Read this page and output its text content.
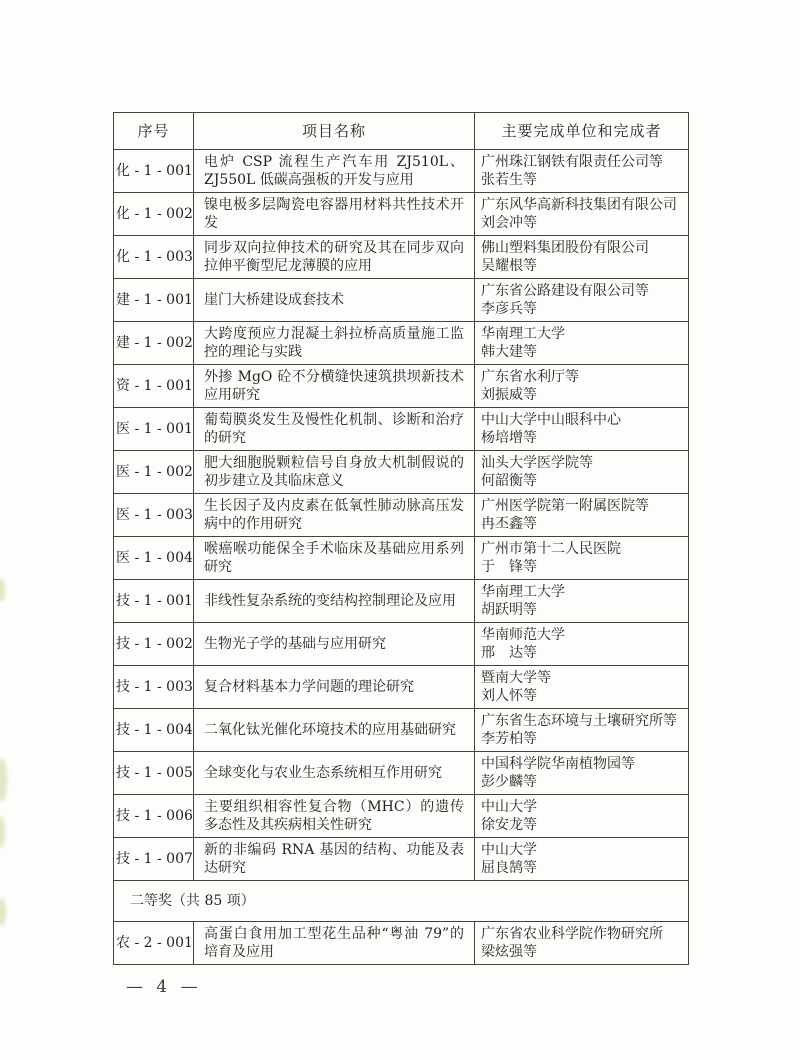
序号	项目名称	主要完成单位和完成者
化 - 1 - 001	电炉 CSP 流程生产汽车用 ZJ510L、ZJ550L 低碳高强板的开发与应用	广州珠江钢铁有限责任公司等
张若生等

化 - 1 - 002	镍电极多层陶瓷电容器用材料共性技术开发	广东风华高新科技集团有限公司
刘会冲等

化 - 1 - 003	同步双向拉伸技术的研究及其在同步双向拉伸平衡型尼龙薄膜的应用	佛山塑料集团股份有限公司
吴耀根等

建 - 1 - 001	崖门大桥建设成套技术	广东省公路建设有限公司等
李彦兵等

建 - 1 - 002	大跨度预应力混凝土斜拉桥高质量施工监控的理论与实践	华南理工大学
韩大建等

资 - 1 - 001	外掺 MgO 砼不分横缝快速筑拱坝新技术应用研究	广东省水利厅等
刘振威等

医 - 1 - 001	葡萄膜炎发生及慢性化机制、诊断和治疗的研究	中山大学中山眼科中心
杨培增等

医 - 1 - 002	肥大细胞脱颗粒信号自身放大机制假说的初步建立及其临床意义	汕头大学医学院等
何韶衡等

医 - 1 - 003	生长因子及内皮素在低氧性肺动脉高压发病中的作用研究	广州医学院第一附属医院等
冉丕鑫等

医 - 1 - 004	喉癌喉功能保全手术临床及基础应用系列研究	广州市第十二人民医院
于　锋等

技 - 1 - 001	非线性复杂系统的变结构控制理论及应用	华南理工大学
胡跃明等

技 - 1 - 002	生物光子学的基础与应用研究	华南师范大学
邢　达等

技 - 1 - 003	复合材料基本力学问题的理论研究	暨南大学等
刘人怀等

技 - 1 - 004	二氧化钛光催化环境技术的应用基础研究	广东省生态环境与土壤研究所等
李芳柏等

技 - 1 - 005	全球变化与农业生态系统相互作用研究	中国科学院华南植物园等
彭少麟等

技 - 1 - 006	主要组织相容性复合物（MHC）的遗传多态性及其疾病相关性研究	中山大学
徐安龙等

技 - 1 - 007	新的非编码 RNA 基因的结构、功能及表达研究	中山大学
屈良鹄等

二等奖（共 85 项）		
农 - 2 - 001	高蛋白食用加工型花生品种“粤油 79”的培育及应用	广东省农业科学院作物研究所
梁炫强等
— 4 —
